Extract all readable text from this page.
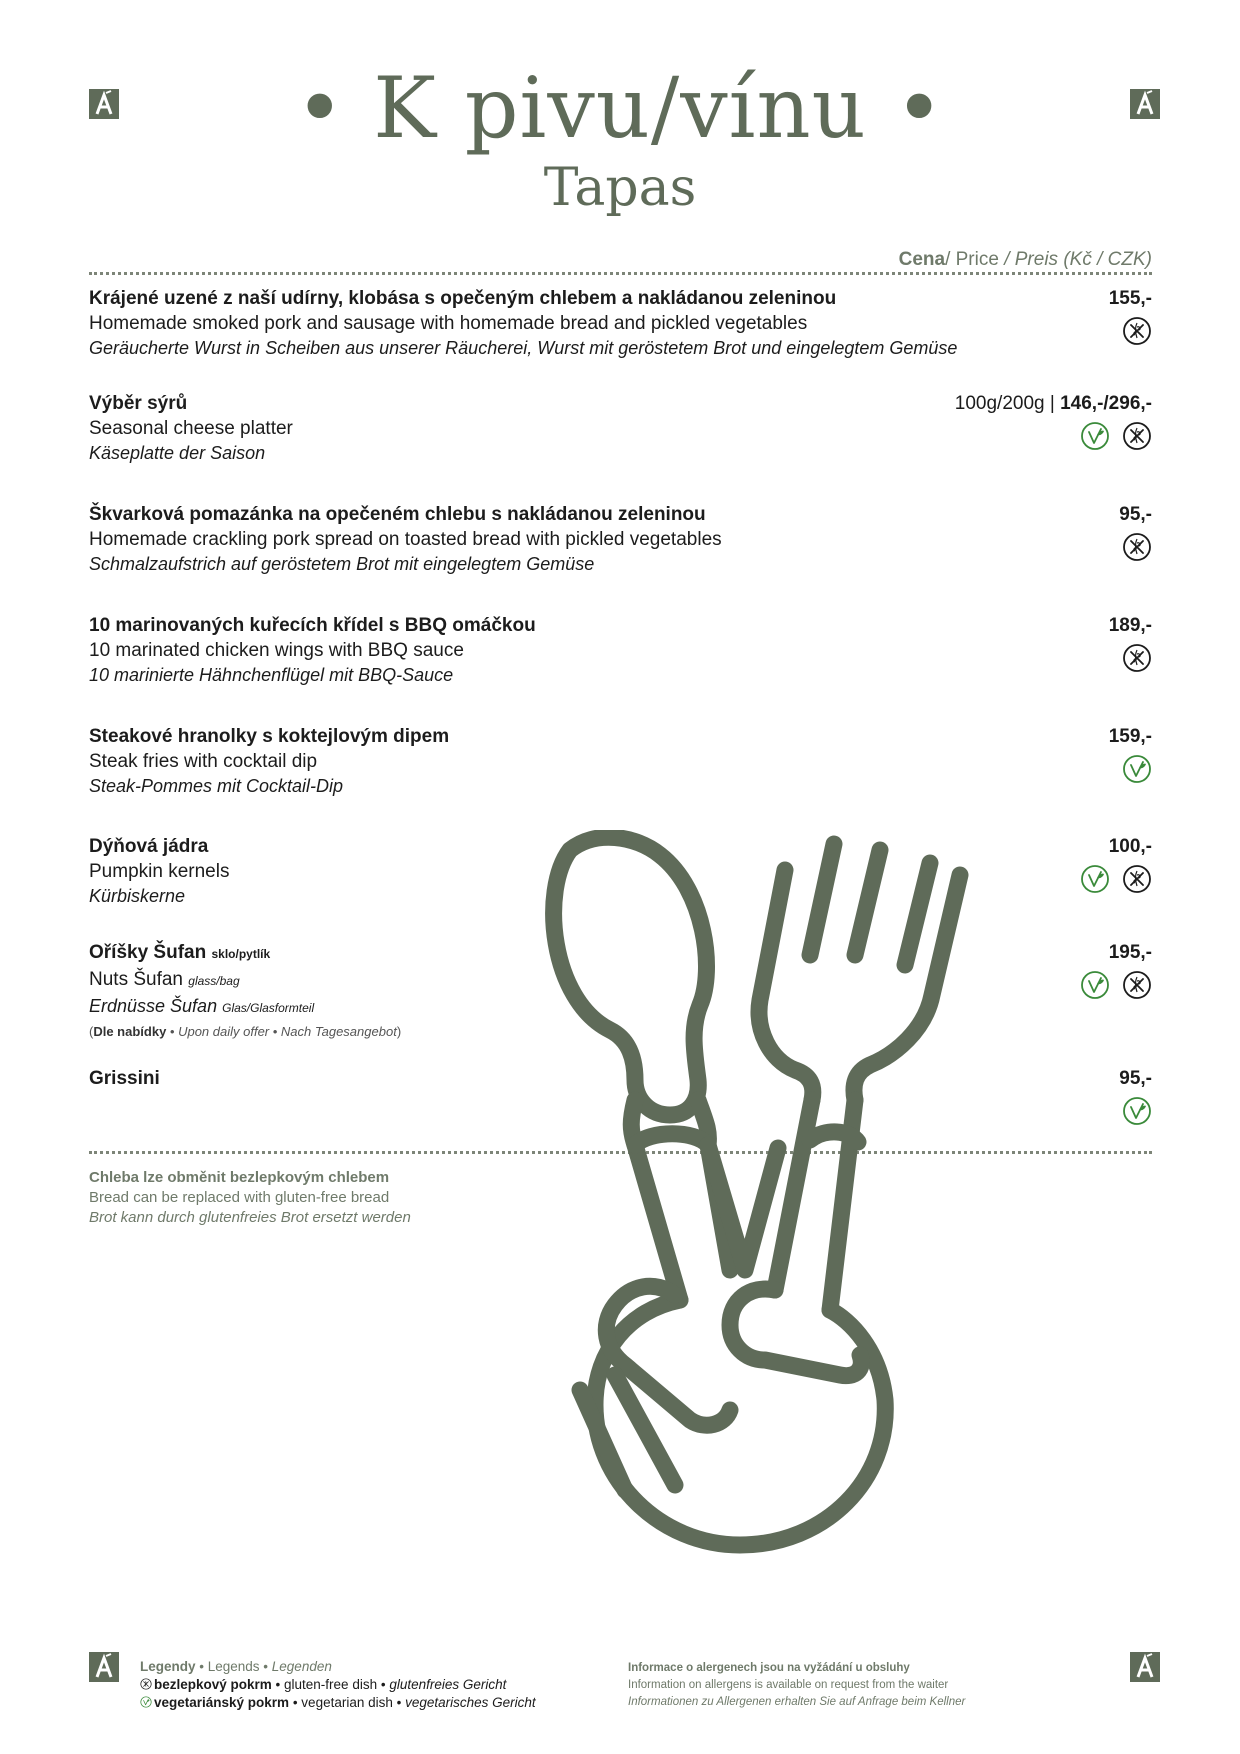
• K pivu/vínu •
Tapas
Cena/ Price / Preis (Kč / CZK)
Krájené uzené z naší udírny, klobása s opečeným chlebem a nakládanou zeleninou
Homemade smoked pork and sausage with homemade bread and pickled vegetables
Geräucherte Wurst in Scheiben aus unserer Räucherei, Wurst mit geröstetem Brot und eingelegtem Gemüse
155,-
Výběr sýrů
Seasonal cheese platter
Käseplatte der Saison
100g/200g | 146,-/296,-
Škvarková pomazánka na opečeném chlebu s nakládanou zeleninou
Homemade crackling pork spread on toasted bread with pickled vegetables
Schmalzaufstrich auf geröstetem Brot mit eingelegtem Gemüse
95,-
10 marinovaných kuřecích křídel s BBQ omáčkou
10 marinated chicken wings with BBQ sauce
10 marinierte Hähnchenflügel mit BBQ-Sauce
189,-
Steakové hranolky s koktejlovým dipem
Steak fries with cocktail dip
Steak-Pommes mit Cocktail-Dip
159,-
Dýňová jádra
Pumpkin kernels
Kürbiskerne
100,-
Oříšky Šufan sklo/pytlík
Nuts Šufan glass/bag
Erdnüsse Šufan Glas/Glasformteil
(Dle nabídky • Upon daily offer • Nach Tagesangebot)
195,-
Grissini	95,-
Chleba lze obměnit bezlepkovým chlebem
Bread can be replaced with gluten-free bread
Brot kann durch glutenfreies Brot ersetzt werden
Legendy • Legends • Legenden
bezlepkový pokrm • gluten-free dish • glutenfreies Gericht
vegetariánský pokrm • vegetarian dish • vegetarisches Gericht
Informace o alergenech jsou na vyžádání u obsluhy
Information on allergens is available on request from the waiter
Informationen zu Allergenen erhalten Sie auf Anfrage beim Kellner
